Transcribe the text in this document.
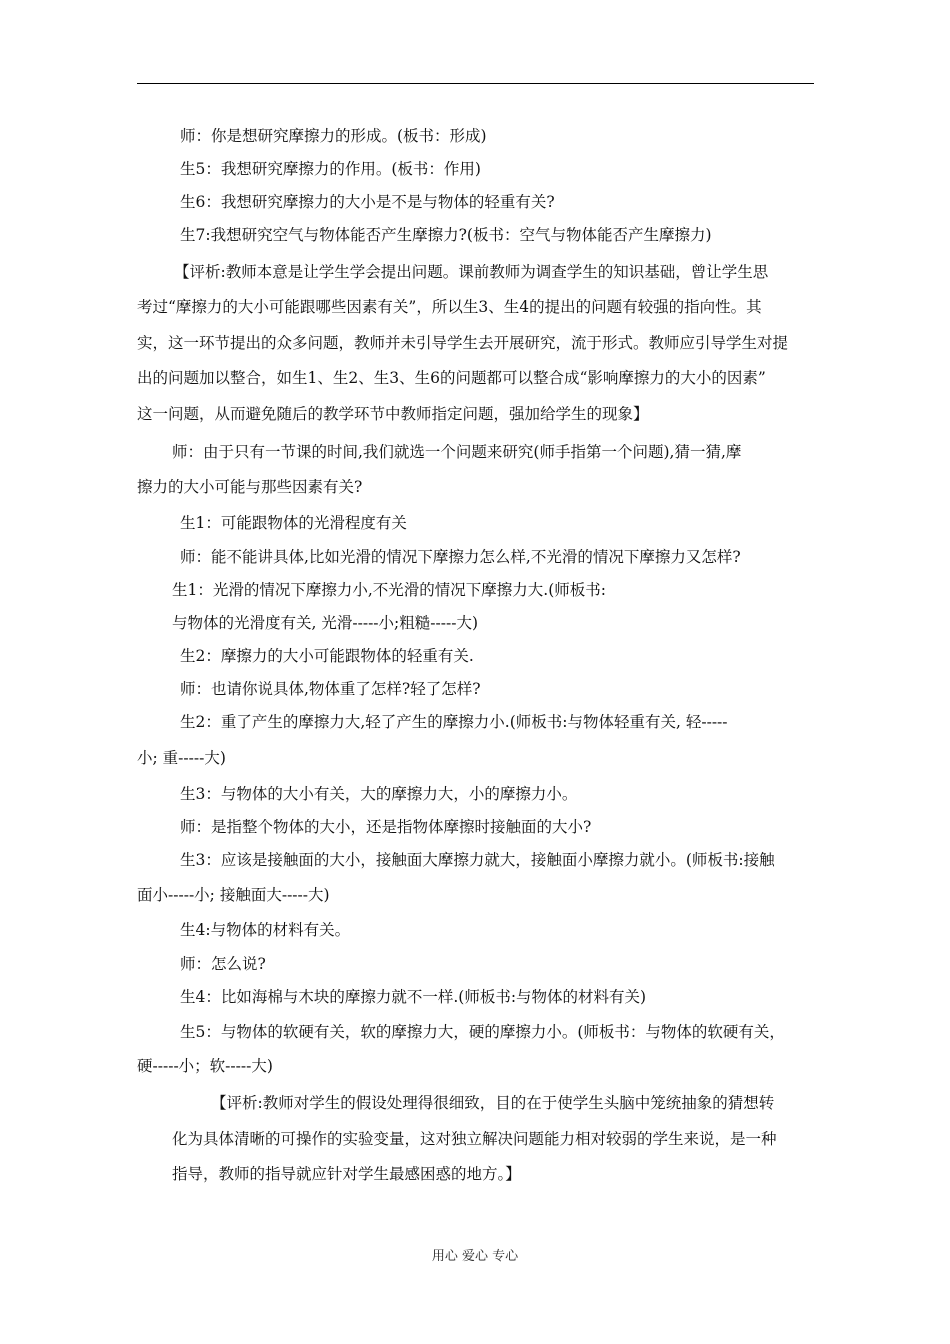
师：你是想研究摩擦力的形成。(板书：形成)
生5：我想研究摩擦力的作用。(板书：作用)
生6：我想研究摩擦力的大小是不是与物体的轻重有关?
生7:我想研究空气与物体能否产生摩擦力?(板书：空气与物体能否产生摩擦力)
【评析:教师本意是让学生学会提出问题。课前教师为调查学生的知识基础，曾让学生思
考过“摩擦力的大小可能跟哪些因素有关”，所以生3、生4的提出的问题有较强的指向性。其
实，这一环节提出的众多问题，教师并未引导学生去开展研究，流于形式。教师应引导学生对提
出的问题加以整合，如生1、生2、生3、生6的问题都可以整合成“影响摩擦力的大小的因素”
这一问题，从而避免随后的教学环节中教师指定问题，强加给学生的现象】
师：由于只有一节课的时间,我们就选一个问题来研究(师手指第一个问题),猜一猜,摩
擦力的大小可能与那些因素有关?
生1：可能跟物体的光滑程度有关
师：能不能讲具体,比如光滑的情况下摩擦力怎么样,不光滑的情况下摩擦力又怎样?
生1：光滑的情况下摩擦力小,不光滑的情况下摩擦力大.(师板书:
与物体的光滑度有关, 光滑-----小;粗糙-----大)
生2：摩擦力的大小可能跟物体的轻重有关.
师：也请你说具体,物体重了怎样?轻了怎样?
生2：重了产生的摩擦力大,轻了产生的摩擦力小.(师板书:与物体轻重有关, 轻-----
小; 重-----大)
生3：与物体的大小有关，大的摩擦力大，小的摩擦力小。
师：是指整个物体的大小，还是指物体摩擦时接触面的大小?
生3：应该是接触面的大小，接触面大摩擦力就大，接触面小摩擦力就小。(师板书:接触
面小-----小; 接触面大-----大)
生4:与物体的材料有关。
师：怎么说?
生4：比如海棉与木块的摩擦力就不一样.(师板书:与物体的材料有关)
生5：与物体的软硬有关，软的摩擦力大，硬的摩擦力小。(师板书：与物体的软硬有关，
硬-----小；软-----大)
【评析:教师对学生的假设处理得很细致，目的在于使学生头脑中笼统抽象的猜想转
化为具体清晰的可操作的实验变量，这对独立解决问题能力相对较弱的学生来说，是一种
指导，教师的指导就应针对学生最感困惑的地方。】
用心 爱心 专心
